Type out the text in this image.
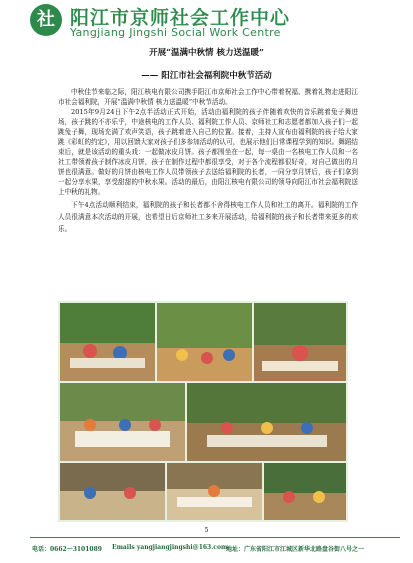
社 阳江市京师社会工作中心
Yangjiang Jingshi Social Work Centre
开展“温满中秋情 核力送温暖”
—— 阳江市社会福利院中秋节活动

中秋佳节来临之际，阳江核电有限公司携手阳江市京师社会工作中心带着祝福、携着礼物走进阳江市社会福利院，开展“温满中秋情 核力送温暖”中秋节活动。

2015年9月24日下午2点半活动正式开始，活动由福利院的孩子伴随着欢快的音乐跳着兔子舞进场，孩子跳的不亦乐乎，中途核电的工作人员、福利院工作人员、京师社工和志愿者都加入孩子们一起跳兔子舞，现场充满了欢声笑语，孩子跳着进入自己的位置。接着，主持人宣布由福利院的孩子给大家跳《彩虹的约定》，用以回馈大家对孩子们多参加活动的认可，也展示他们日常课程学到的知识。舞蹈结束后，就是该活动的重头戏：一起做冰皮月饼。孩子都围坐在一起，每一桌由一名核电工作人员和一名社工带领着孩子制作冰皮月饼，孩子在制作过程中都很享受，对于各个流程都很好奇，对自己做出的月饼也很满意。做好的月饼由核电工作人员带领孩子去送给福利院的长者，一同分享月饼后，孩子们拿到一起分享水果，享受甜甜的中秋水果。活动的最后，由阳江核电有限公司的领导向阳江市社会福利院送上中秋的礼物。

下午4点活动顺利结束，福利院的孩子和长者都不舍得核电工作人员和社工的离开。福利院的工作人员很满意本次活动的开展，也希望日后京师社工多来开展活动，给福利院的孩子和长者带来更多的欢乐。

5
电话：0662一3101089 Emails yangjiangjingshi@163.com
地址：广东省阳江市江城区新华北路盘谷街八号之一
